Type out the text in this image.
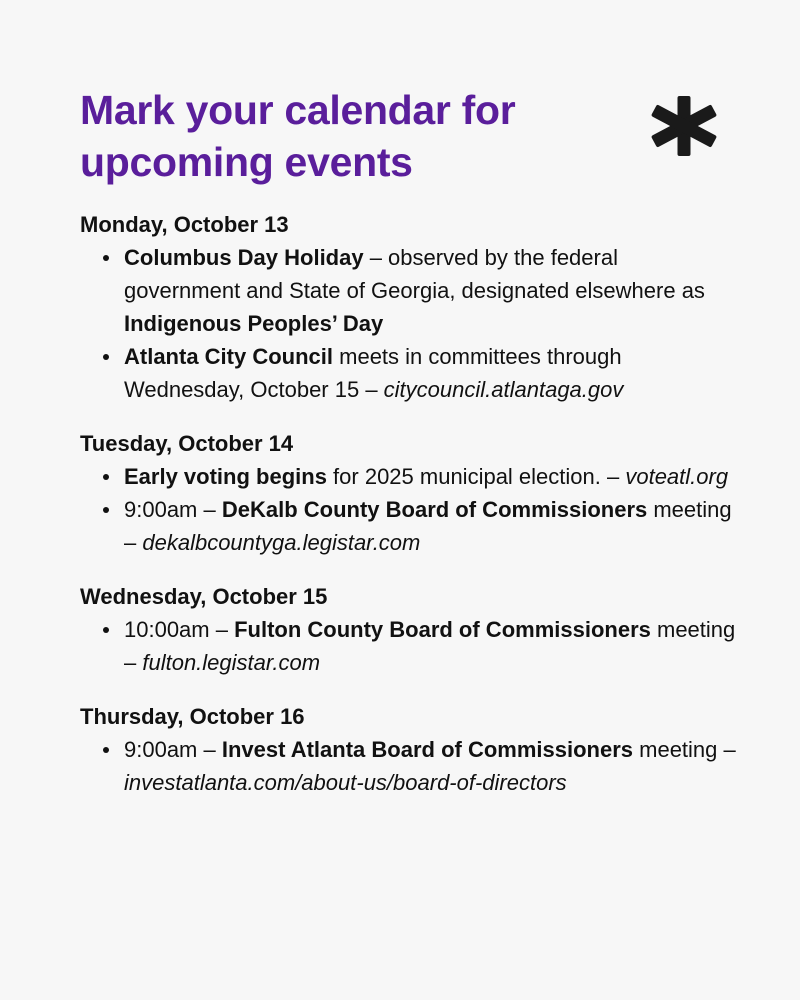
Mark your calendar for upcoming events
Monday, October 13
Columbus Day Holiday – observed by the federal government and State of Georgia, designated elsewhere as Indigenous Peoples’ Day
Atlanta City Council meets in committees through Wednesday, October 15 – citycouncil.atlantaga.gov
Tuesday, October 14
Early voting begins for 2025 municipal election. – voteatl.org
9:00am – DeKalb County Board of Commissioners meeting – dekalbcountyga.legistar.com
Wednesday, October 15
10:00am – Fulton County Board of Commissioners meeting – fulton.legistar.com
Thursday, October 16
9:00am – Invest Atlanta Board of Commissioners meeting – investatlanta.com/about-us/board-of-directors
